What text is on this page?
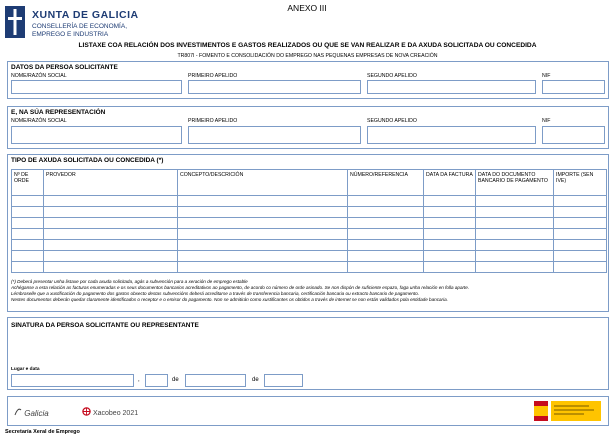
XUNTA DE GALICIA
CONSELLERÍA DE ECONOMÍA,
EMPREGO E INDUSTRIA
ANEXO III
LISTAXE COA RELACIÓN DOS INVESTIMENTOS E GASTOS REALIZADOS OU QUE SE VAN REALIZAR E DA AXUDA SOLICITADA OU CONCEDIDA
TR807I - FOMENTO E CONSOLIDACIÓN DO EMPREGO NAS PEQUENAS EMPRESAS DE NOVA CREACIÓN
DATOS DA PERSOA SOLICITANTE
NOME/RAZÓN SOCIAL	PRIMEIRO APELIDO	SEGUNDO APELIDO	NIF
E, NA SÚA REPRESENTACIÓN
NOME/RAZÓN SOCIAL	PRIMEIRO APELIDO	SEGUNDO APELIDO	NIF
TIPO DE AXUDA SOLICITADA OU CONCEDIDA (*)
Nº DE ORDE	PROVEDOR	CONCEPTO/DESCRICIÓN	NÚMERO/REFERENCIA	DATA DA FACTURA	DATA DO DOCUMENTO BANCARIO DE PAGAMENTO	IMPORTE (SEN IVE)

(*) Deberá presentar unha listaxe por cada axuda solicitada, agás a subvención para a xeración de emprego estable
Achéganse a esta relación as facturas enumeradas e os seus documentos bancarios acreditativos ao pagamento, de acordo co número de orde asinado. Se non dispón de suficiente espazo, faga unha relación en folla aparte.
Lémbraselle que a xustificación do pagamento dos gastos obxecto destas subvencións deberá acreditarse a través de transferencia bancaria, certificación bancaria ou extracto bancario de pagamento.
Nestes documentos deberán quedar claramente identificados o receptor e o emisor do pagamento. Non se admitirán como xustificantes os obtidos a través de internet se non están validados pola entidade bancaria.
SINATURA DA PERSOA SOLICITANTE OU REPRESENTANTE
Lugar e data
,	de	de
Galicia	Xacobeo 2021
Secretaría Xeral de Emprego
